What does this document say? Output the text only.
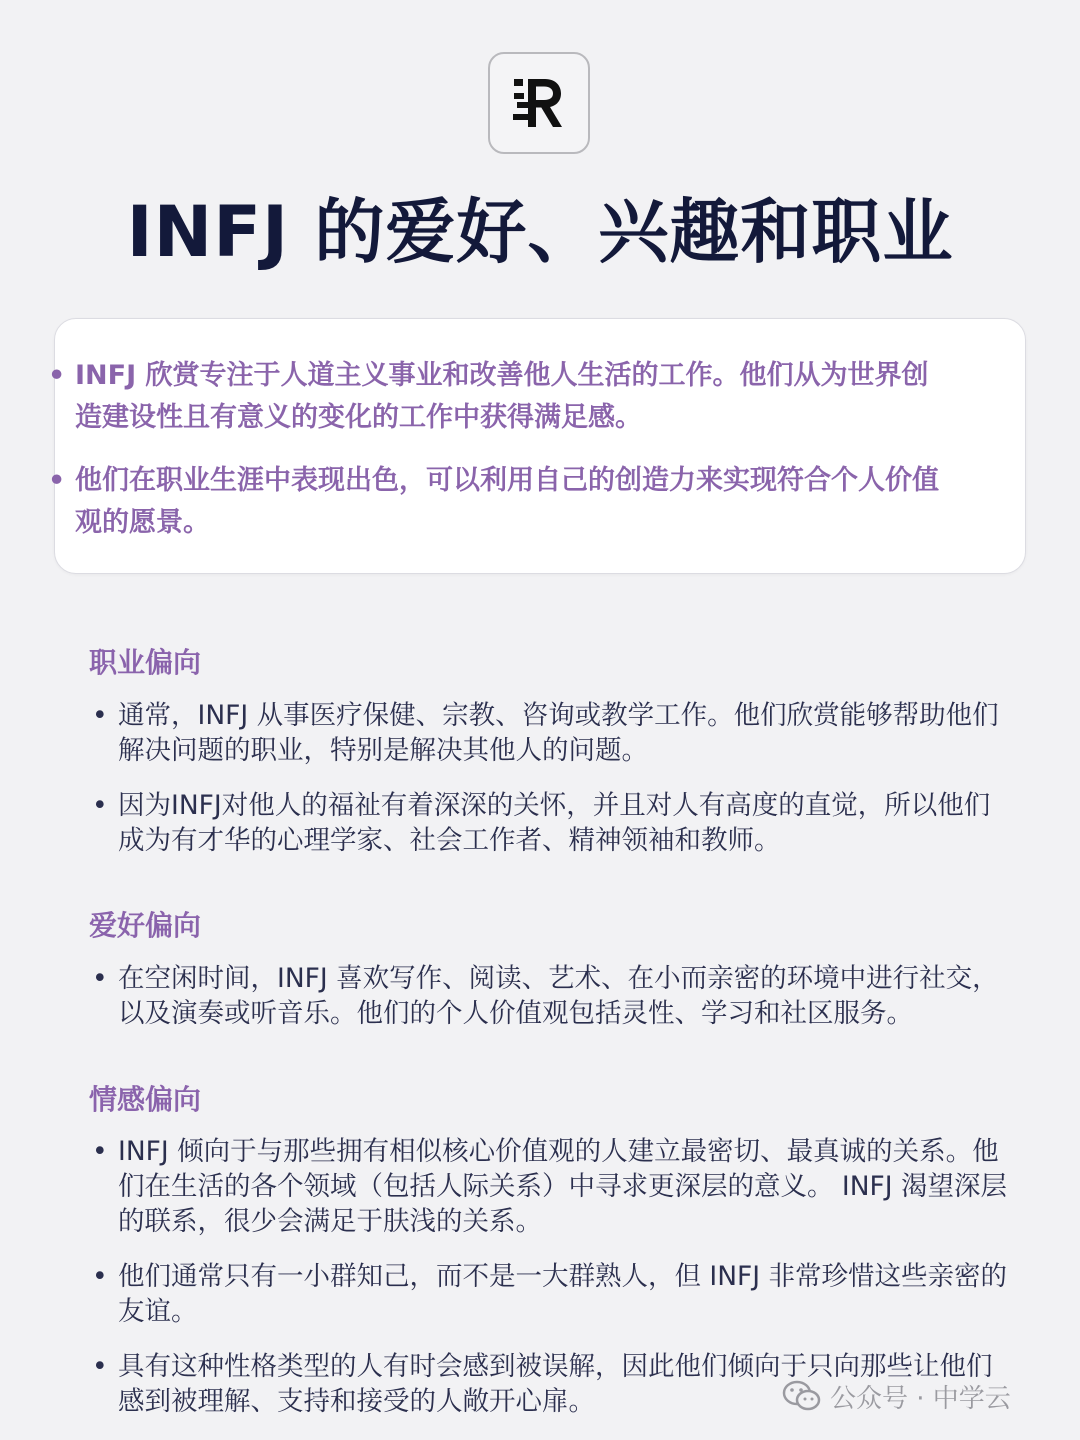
INFJ 的爱好、兴趣和职业
• INFJ 欣赏专注于人道主义事业和改善他人生活的工作。他们从为世界创造建设性且有意义的变化的工作中获得满足感。
• 他们在职业生涯中表现出色，可以利用自己的创造力来实现符合个人价值观的愿景。
职业偏向
• 通常，INFJ 从事医疗保健、宗教、咨询或教学工作。他们欣赏能够帮助他们解决问题的职业，特别是解决其他人的问题。
• 因为INFJ对他人的福祉有着深深的关怀，并且对人有高度的直觉，所以他们成为有才华的心理学家、社会工作者、精神领袖和教师。
爱好偏向
• 在空闲时间，INFJ 喜欢写作、阅读、艺术、在小而亲密的环境中进行社交，以及演奏或听音乐。他们的个人价值观包括灵性、学习和社区服务。
情感偏向
• INFJ 倾向于与那些拥有相似核心价值观的人建立最密切、最真诚的关系。他们在生活的各个领域（包括人际关系）中寻求更深层的意义。 INFJ 渴望深层的联系，很少会满足于肤浅的关系。
• 他们通常只有一小群知己，而不是一大群熟人，但 INFJ 非常珍惜这些亲密的友谊。
• 具有这种性格类型的人有时会感到被误解，因此他们倾向于只向那些让他们感到被理解、支持和接受的人敞开心扉。	公众号 · 中学云
